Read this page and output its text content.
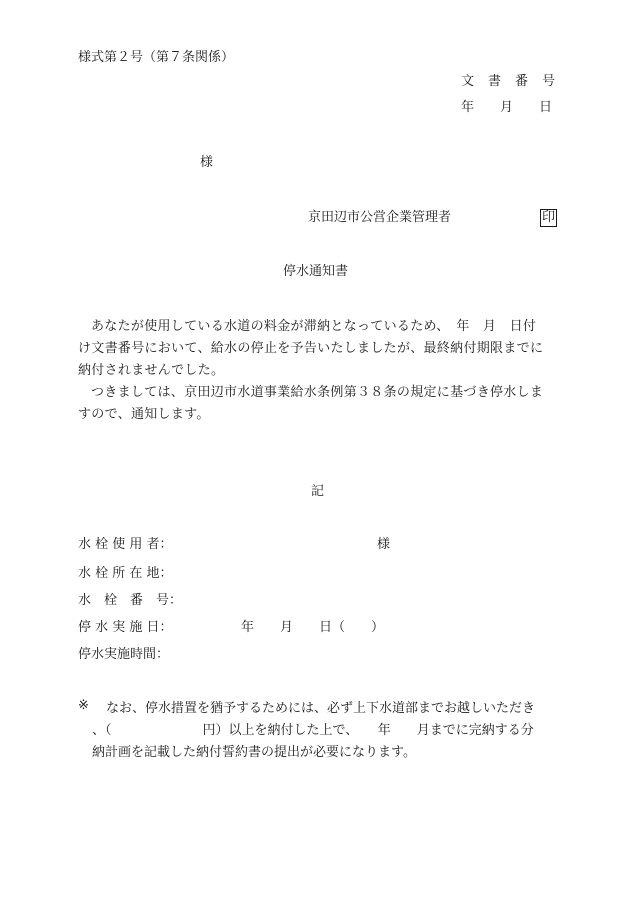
様式第２号（第７条関係）
文　書　番　号
年　　月　　日
様
京田辺市公営企業管理者	印
停水通知書

あなたが使用している水道の料金が滞納となっているため、　年　月　日付

け文書番号において、給水の停止を予告いたしましたが、最終納付期限までに

納付されませんでした。

つきましては、京田辺市水道事業給水条例第３８条の規定に基づき停水しま

すので、通知します。

記
水 栓 使 用 者：	様
水 栓 所 在 地：
水　栓　番　号：
停 水 実 施 日：	年　　月　　日（　　）
停水実施時間：
※	なお、停水措置を猶予するためには、必ず上下水道部までお越しいただき

、（　　　　　　　円）以上を納付した上で、　　年　　月までに完納する分

納計画を記載した納付誓約書の提出が必要になります。
